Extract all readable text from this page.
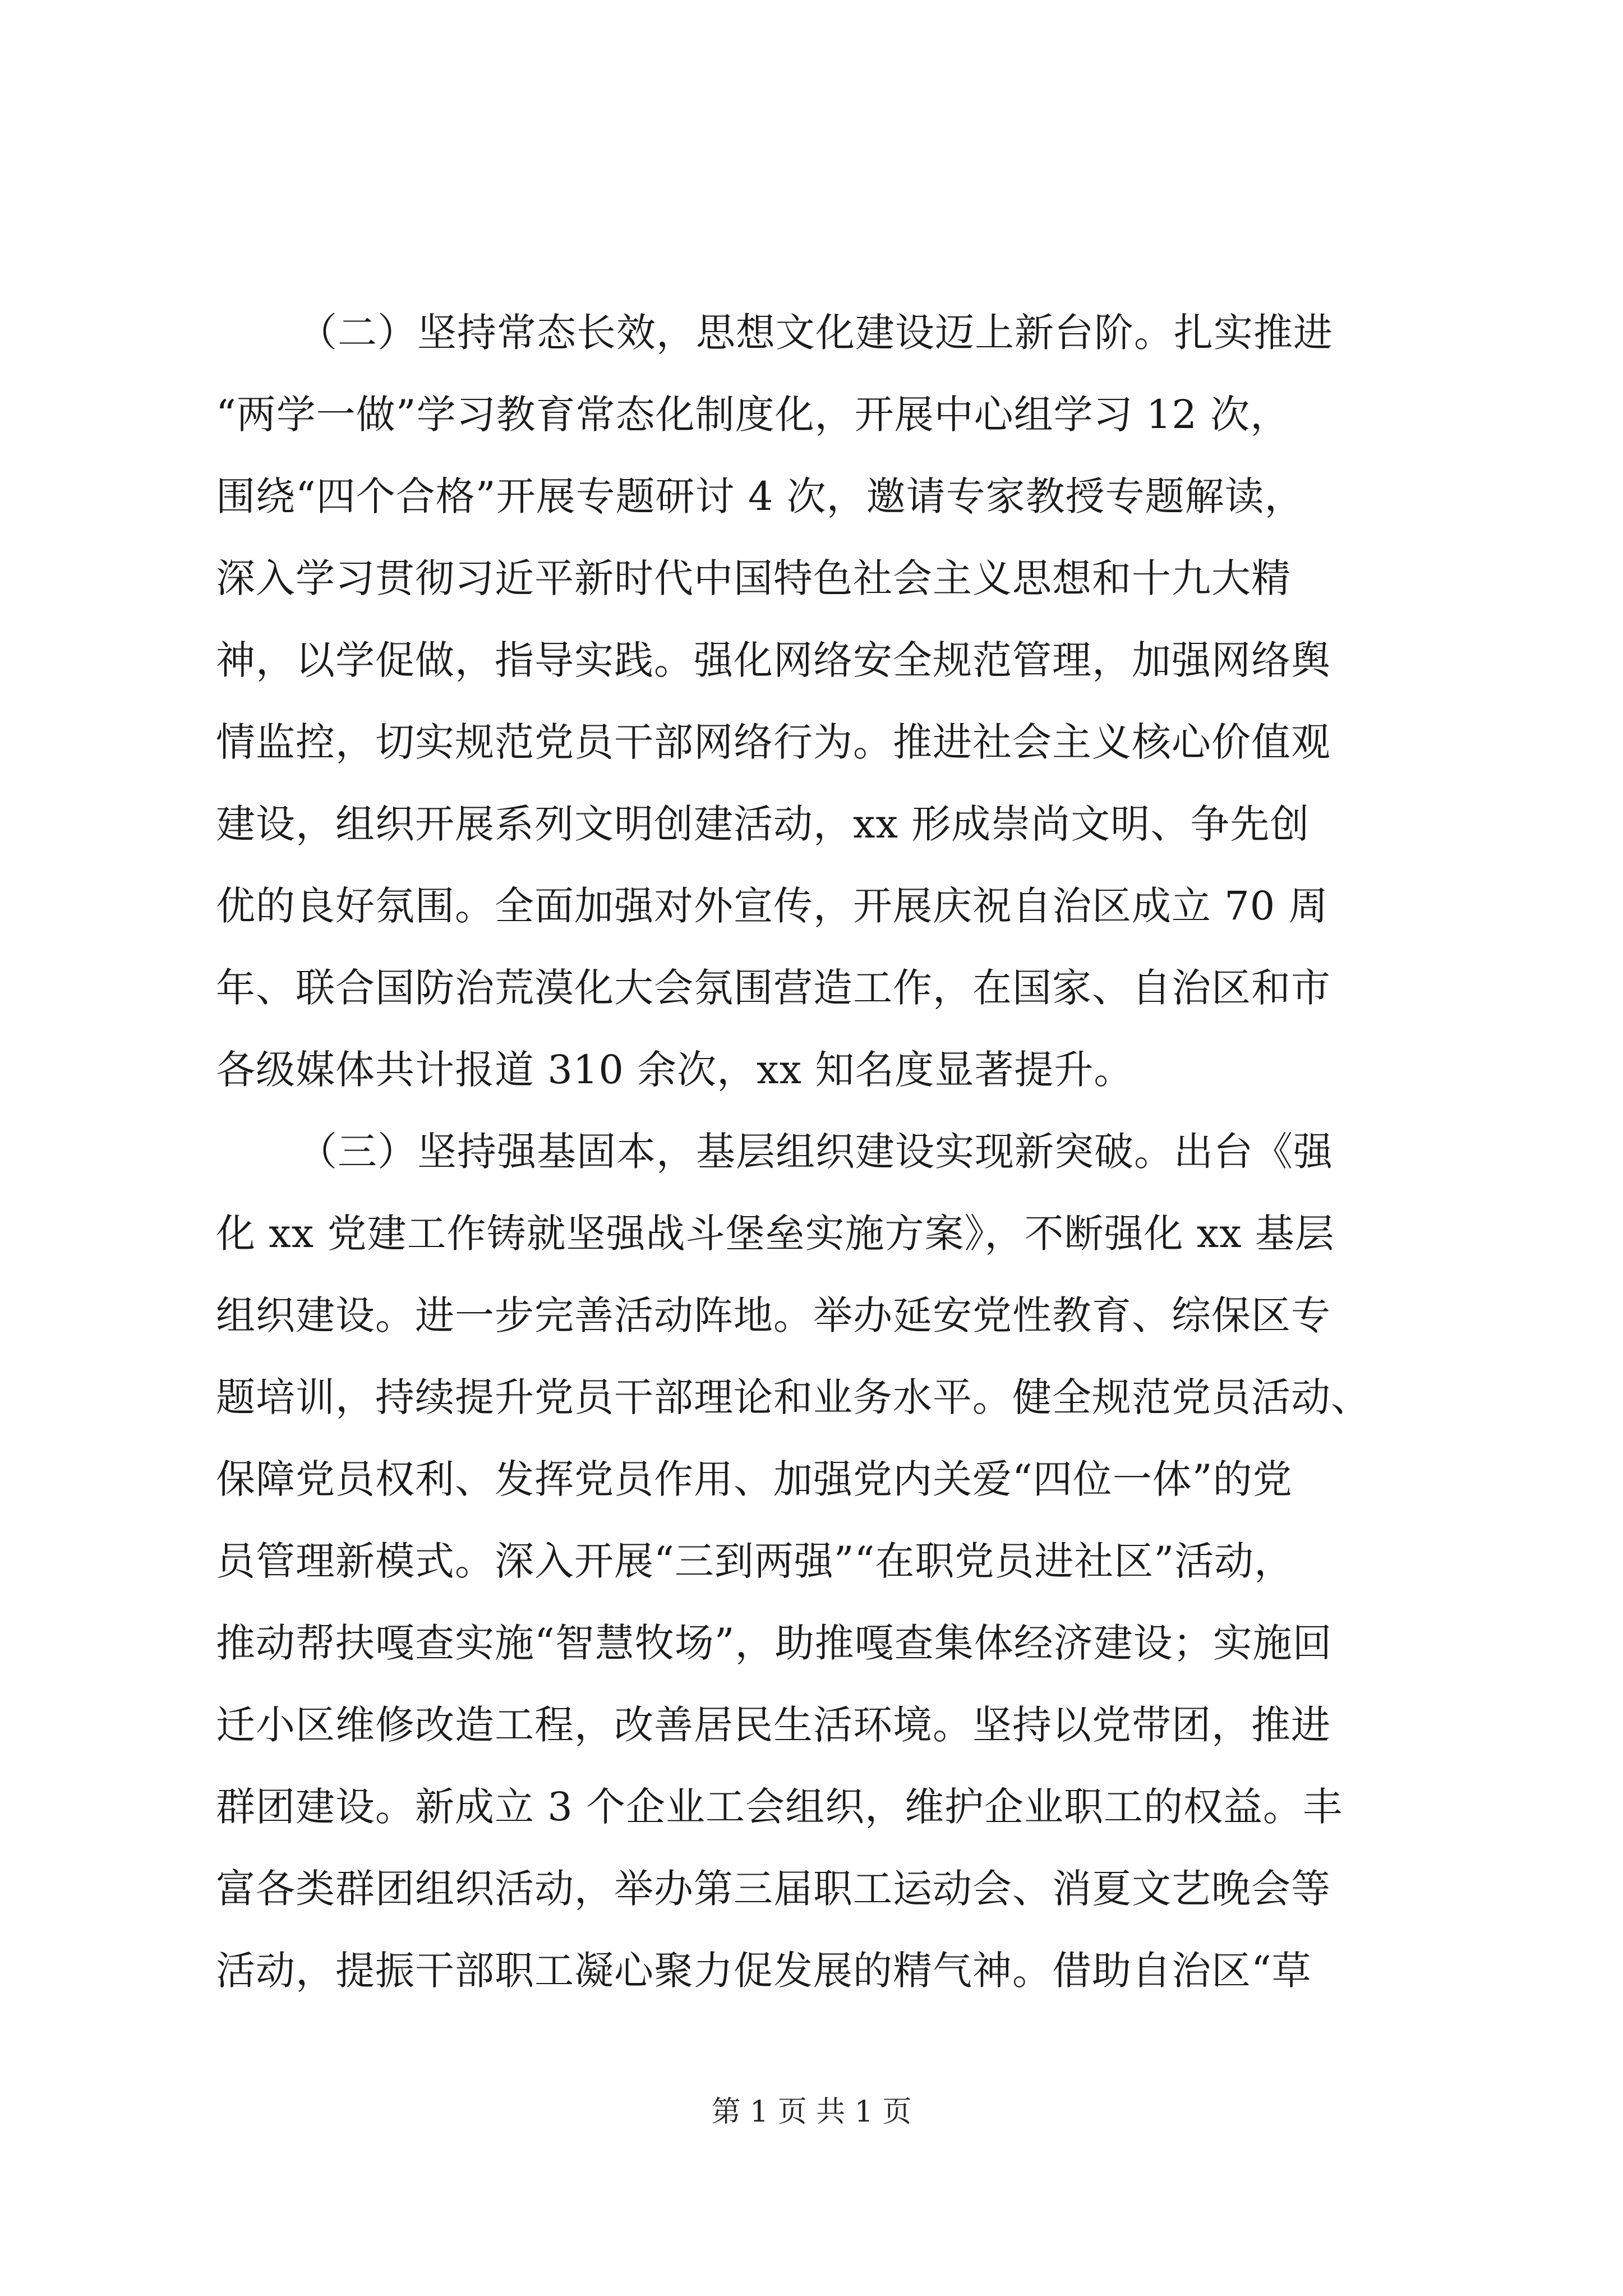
（二）坚持常态长效，思想文化建设迈上新台阶。扎实推进
“两学一做”学习教育常态化制度化，开展中心组学习 12 次，
围绕“四个合格”开展专题研讨 4 次，邀请专家教授专题解读，
深入学习贯彻习近平新时代中国特色社会主义思想和十九大精
神，以学促做，指导实践。强化网络安全规范管理，加强网络舆
情监控，切实规范党员干部网络行为。推进社会主义核心价值观
建设，组织开展系列文明创建活动，xx 形成崇尚文明、争先创
优的良好氛围。全面加强对外宣传，开展庆祝自治区成立 70 周
年、联合国防治荒漠化大会氛围营造工作，在国家、自治区和市
各级媒体共计报道 310 余次，xx 知名度显著提升。
（三）坚持强基固本，基层组织建设实现新突破。出台《强
化 xx 党建工作铸就坚强战斗堡垒实施方案》，不断强化 xx 基层
组织建设。进一步完善活动阵地。举办延安党性教育、综保区专
题培训，持续提升党员干部理论和业务水平。健全规范党员活动、
保障党员权利、发挥党员作用、加强党内关爱“四位一体”的党
员管理新模式。深入开展“三到两强”“在职党员进社区”活动，
推动帮扶嘎查实施“智慧牧场”，助推嘎查集体经济建设；实施回
迁小区维修改造工程，改善居民生活环境。坚持以党带团，推进
群团建设。新成立 3 个企业工会组织，维护企业职工的权益。丰
富各类群团组织活动，举办第三届职工运动会、消夏文艺晚会等
活动，提振干部职工凝心聚力促发展的精气神。借助自治区“草
第 1 页 共 1 页
